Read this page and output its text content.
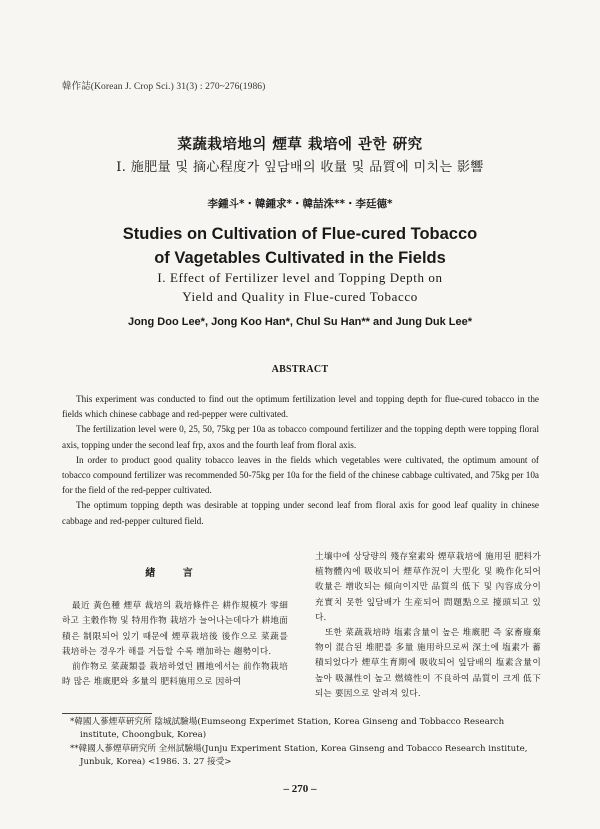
韓作誌(Korean J. Crop Sci.) 31(3) : 270~276(1986)
菜蔬栽培地의 煙草 栽培에 관한 硏究
I. 施肥量 및 摘心程度가 잎담배의 收量 및 品質에 미치는 影響
李鍾斗*・韓鍾求*・韓喆洙**・李廷德*
Studies on Cultivation of Flue-cured Tobacco
of Vagetables Cultivated in the Fields
I. Effect of Fertilizer level and Topping Depth on
Yield and Quality in Flue-cured Tobacco
Jong Doo Lee*, Jong Koo Han*, Chul Su Han** and Jung Duk Lee*
ABSTRACT

This experiment was conducted to find out the optimum fertilization level and topping depth for flue-cured tobacco in the fields which chinese cabbage and red-pepper were cultivated.

The fertilization level were 0, 25, 50, 75kg per 10a as tobacco compound fertilizer and the topping depth were topping floral axis, topping under the second leaf frp, axos and the fourth leaf from floral axis.

In order to product good quality tobacco leaves in the fields which vegetables were cultivated, the optimum amount of tobacco compound fertilizer was recommended 50-75kg per 10a for the field of the chinese cabbage cultivated, and 75kg per 10a for the field of the red-pepper cultivated.

The optimum topping depth was desirable at topping under second leaf from floral axis for good leaf quality in chinese cabbage and red-pepper cultured field.

緖 言

最近 黃色種 煙草 裁培의 栽培條件은 耕作規模가 零細하고 主穀作物 및 特用作物 栽培가 늘어나는데다가 耕地面積은 制限되어 있기 때문에 煙草栽培後 後作으로 菜蔬를 栽培하는 경우가 해를 거듭할 수록 增加하는 趨勢이다.

前作物로 菜蔬類를 栽培하였던 圃地에서는 前作物栽培時 많은 堆廐肥와 多量의 肥料施用으로 因하여

土壤中에 상당량의 殘存窒素와 煙草栽培에 施用된 肥料가 植物體內에 吸收되어 煙草作況이 大型化 및 晩作化되어 收量은 增收되는 傾向이지만 品質의 低下 및 內容成分이 充實치 못한 잎담배가 生産되어 問題點으로 擡頭되고 있다.

또한 菜蔬栽培時 塩素含量이 높은 堆廐肥 즉 家畜廢棄物이 混合된 堆肥를 多量 施用하므로써 深土에 塩素가 蓄積되었다가 煙草生育期에 吸收되어 잎담배의 塩素含量이 높아 吸濕性이 높고 燃燒性이 不良하여 品質이 크게 低下되는 要因으로 알려져 있다.

*韓國人蔘煙草硏究所 陰城試驗場(Eumseong Experimet Station, Korea Ginseng and Tobbacco Research institute, Choongbuk, Korea)
**韓國人蔘煙草硏究所 全州試驗場(Junju Experiment Station, Korea Ginseng and Tobacco Research institute, Junbuk, Korea) <1986. 3. 27 接受>
– 270 –
